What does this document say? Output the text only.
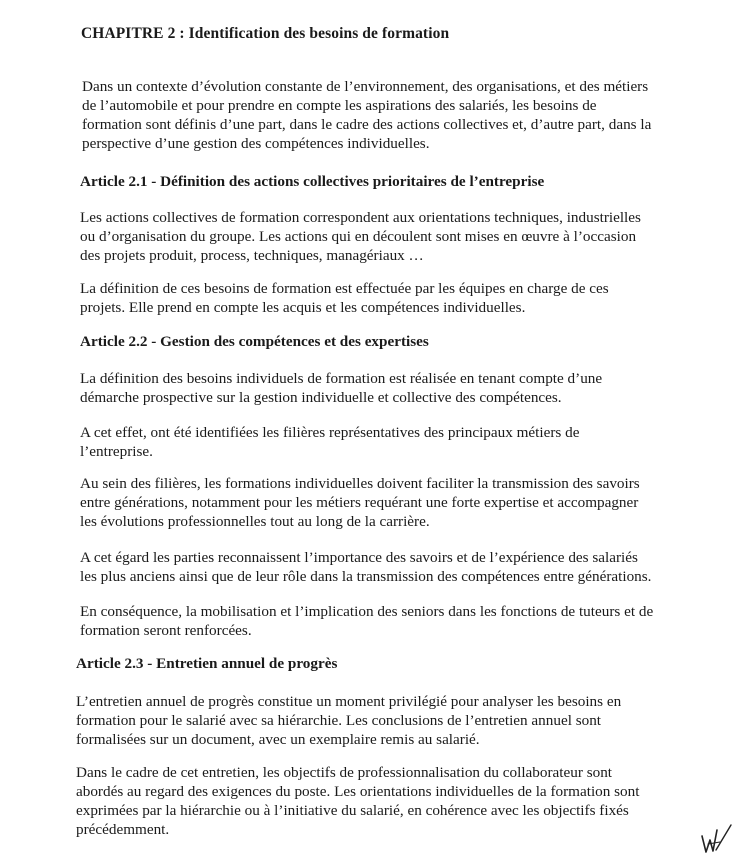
CHAPITRE 2 : Identification des besoins de formation
Dans un contexte d’évolution constante de l’environnement, des organisations, et des métiers
de l’automobile et pour prendre en compte les aspirations des salariés, les besoins de
formation sont définis d’une part, dans le cadre des actions collectives et, d’autre part, dans la
perspective d’une gestion des compétences individuelles.
Article 2.1 - Définition des actions collectives prioritaires de l’entreprise
Les actions collectives de formation correspondent aux orientations techniques, industrielles
ou d’organisation du groupe. Les actions qui en découlent sont mises en œuvre à l’occasion
des projets produit, process, techniques, managériaux …
La définition de ces besoins de formation est effectuée par les équipes en charge de ces
projets. Elle prend en compte les acquis et les compétences individuelles.
Article 2.2 - Gestion des compétences et des expertises
La définition des besoins individuels de formation est réalisée en tenant compte d’une
démarche prospective sur la gestion individuelle et collective des compétences.
A cet effet, ont été identifiées les filières représentatives des principaux métiers de
l’entreprise.
Au sein des filières, les formations individuelles doivent faciliter la transmission des savoirs
entre générations, notamment pour les métiers requérant une forte expertise et accompagner
les évolutions professionnelles tout au long de la carrière.
A cet égard les parties reconnaissent l’importance des savoirs et de l’expérience des salariés
les plus anciens ainsi que de leur rôle dans la transmission des compétences entre générations.
En conséquence, la mobilisation et l’implication des seniors dans les fonctions de tuteurs et de
formation seront renforcées.
Article 2.3 - Entretien annuel de progrès
L’entretien annuel de progrès constitue un moment privilégié pour analyser les besoins en
formation pour le salarié avec sa hiérarchie. Les conclusions de l’entretien annuel sont
formalisées sur un document, avec un exemplaire remis au salarié.
Dans le cadre de cet entretien, les objectifs de professionnalisation du collaborateur sont
abordés au regard des exigences du poste. Les orientations individuelles de la formation sont
exprimées par la hiérarchie ou à l’initiative du salarié, en cohérence avec les objectifs fixés
précédemment.
